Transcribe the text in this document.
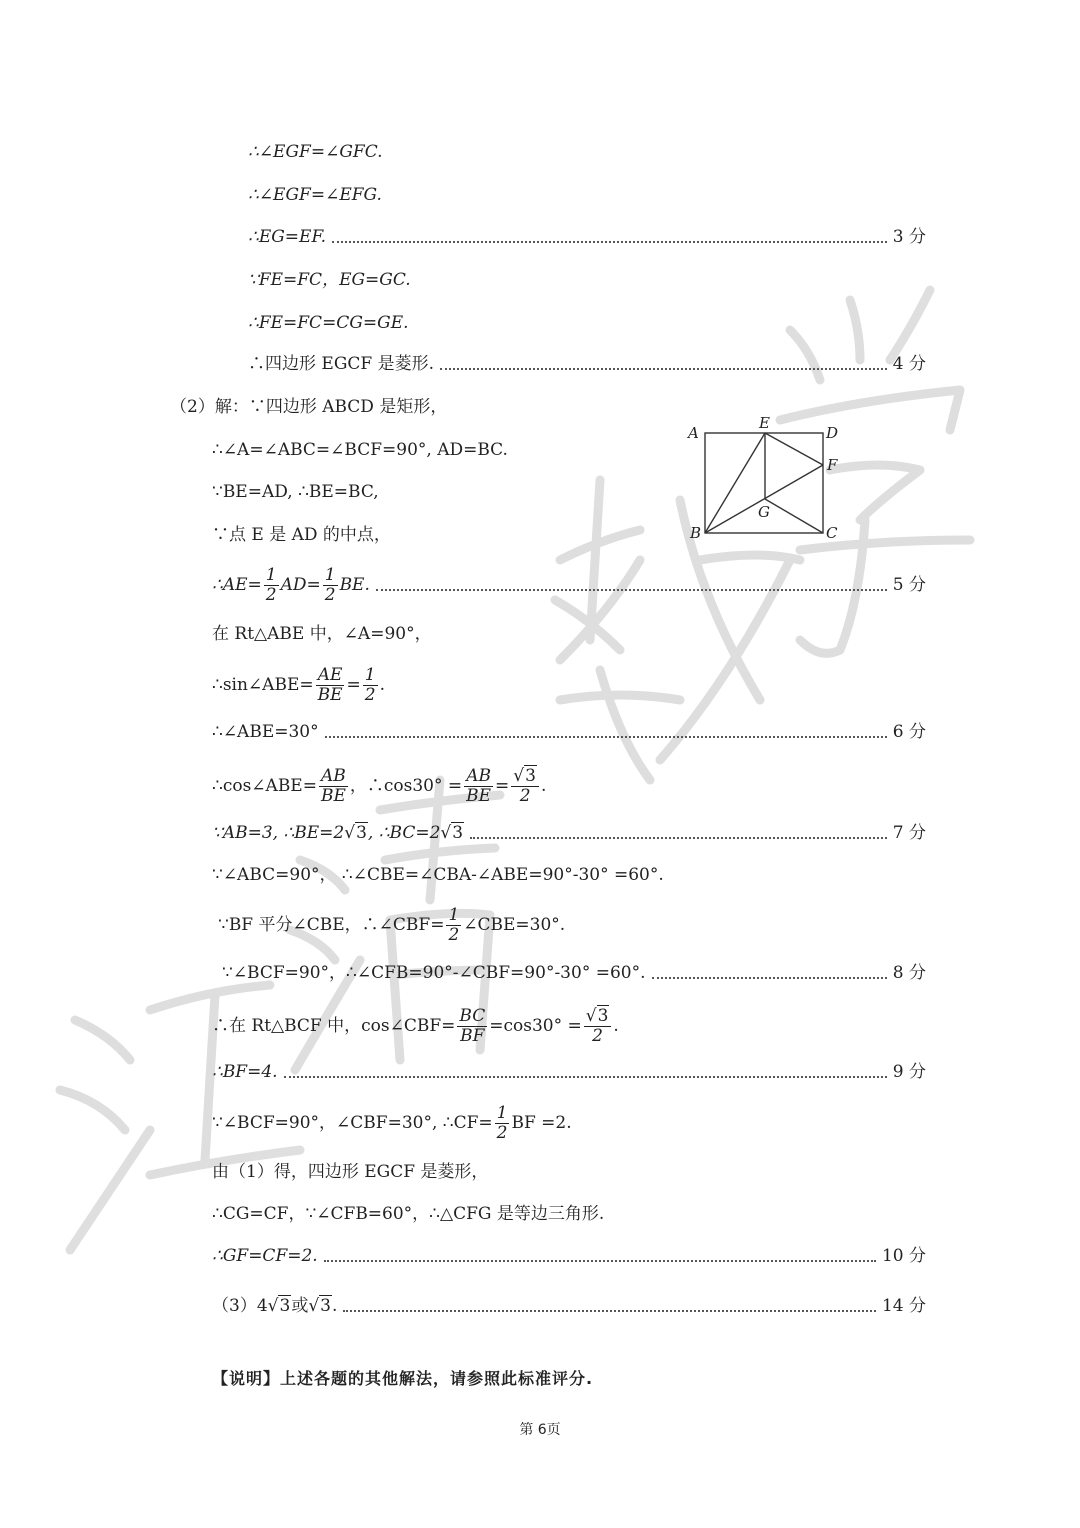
∴∠EGF=∠GFC.
∴∠EGF=∠EFG.
∴EG=EF.	3 分
∵FE=FC，EG=GC.
∴FE=FC=CG=GE.
∴四边形 EGCF 是菱形.	4 分
（2）解：∵四边形 ABCD 是矩形，
∴∠A=∠ABC=∠BCF=90°, AD=BC.
∵BE=AD, ∴BE=BC,
∵点 E 是 AD 的中点，
∴AE= $\frac{1}{2} AD= \frac{1}{2}$ BE.	5 分
在 Rt△ABE 中，∠A=90°，
∴sin∠ABE= $\frac{AE}{BE} = \frac{1}{2}$ .
∴∠ABE=30°	6 分
∴cos∠ABE= $\frac{AB}{BE}$ ，∴cos30° = $\frac{AB}{BE} = \frac{√3}{2}$ .
∵AB=3, ∴BE=2 √3 , ∴BC=2 √3	7 分
∵∠ABC=90°， ∴∠CBE=∠CBA-∠ABE=90°-30° =60°.
∵BF 平分∠CBE，∴∠CBF= $\frac{1}{2}$ ∠CBE=30°.
∵∠BCF=90°，∴∠CFB=90°-∠CBF=90°-30° =60°.	8 分
∴在 Rt△BCF 中，cos∠CBF= $\frac{BC}{BF} =\cos 30^\circ = \frac{√3}{2}$ .
∴BF=4.	9 分
∵∠BCF=90°，∠CBF=30°, ∴CF= $\frac{1}{2}$ BF =2.
由（1）得，四边形 EGCF 是菱形，
∴CG=CF，∵∠CFB=60°，∴△CFG 是等边三角形.
∴GF=CF=2.	10 分
（3）4 √3 或 √3 .	14 分
A
E
D
F
G
B	C
【说明】上述各题的其他解法，请参照此标准评分.
第 6页
